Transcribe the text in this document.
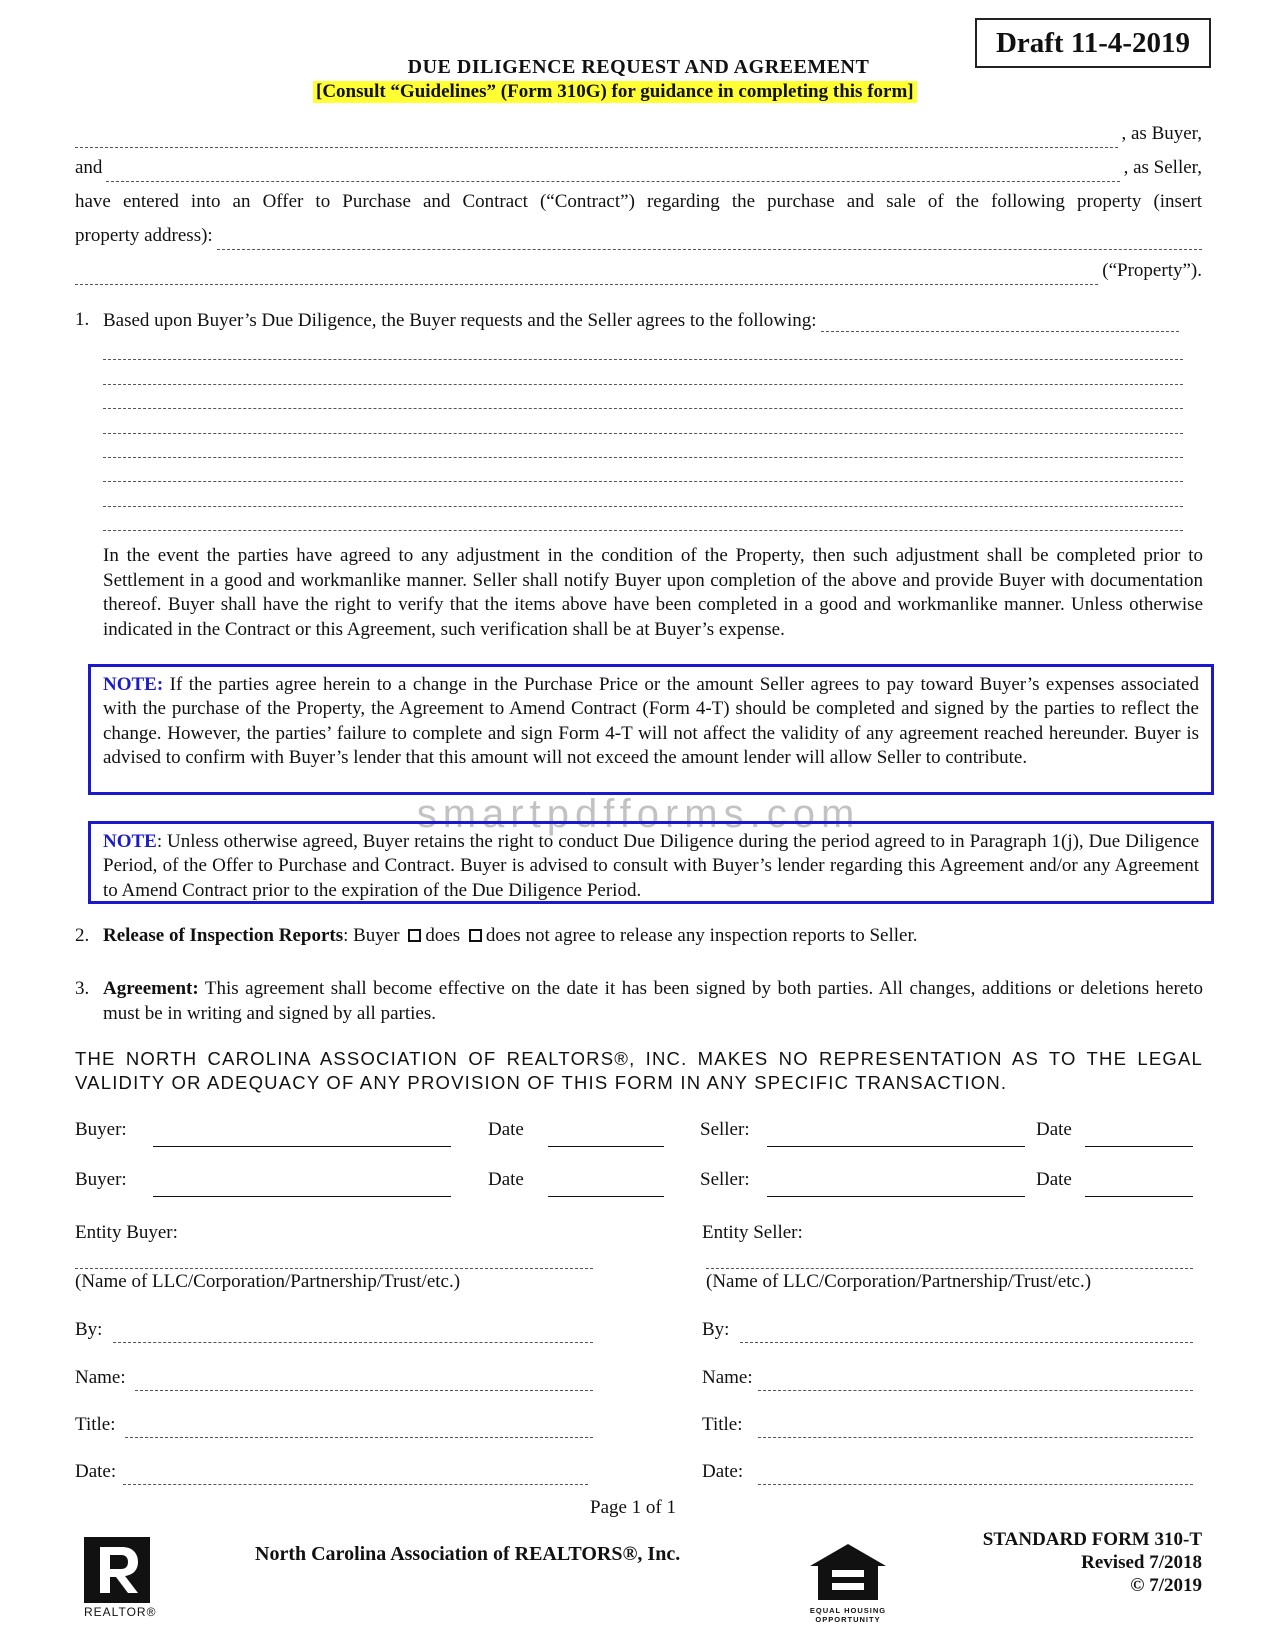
Draft 11-4-2019
DUE DILIGENCE REQUEST AND AGREEMENT
[Consult “Guidelines” (Form 310G) for guidance in completing this form]
, as Buyer,
and	, as Seller,
have entered into an Offer to Purchase and Contract (“Contract”) regarding the purchase and sale of the following property (insert
property address):
(“Property”).
1. Based upon Buyer’s Due Diligence, the Buyer requests and the Seller agrees to the following:
In the event the parties have agreed to any adjustment in the condition of the Property, then such adjustment shall be completed prior to Settlement in a good and workmanlike manner. Seller shall notify Buyer upon completion of the above and provide Buyer with documentation thereof. Buyer shall have the right to verify that the items above have been completed in a good and workmanlike manner. Unless otherwise indicated in the Contract or this Agreement, such verification shall be at Buyer’s expense.
NOTE: If the parties agree herein to a change in the Purchase Price or the amount Seller agrees to pay toward Buyer’s expenses associated with the purchase of the Property, the Agreement to Amend Contract (Form 4-T) should be completed and signed by the parties to reflect the change. However, the parties’ failure to complete and sign Form 4-T will not affect the validity of any agreement reached hereunder. Buyer is advised to confirm with Buyer’s lender that this amount will not exceed the amount lender will allow Seller to contribute.
smartpdfforms.com
NOTE: Unless otherwise agreed, Buyer retains the right to conduct Due Diligence during the period agreed to in Paragraph 1(j), Due Diligence Period, of the Offer to Purchase and Contract. Buyer is advised to consult with Buyer’s lender regarding this Agreement and/or any Agreement to Amend Contract prior to the expiration of the Due Diligence Period.
2. Release of Inspection Reports: Buyer does does not agree to release any inspection reports to Seller.
3. Agreement: This agreement shall become effective on the date it has been signed by both parties. All changes, additions or deletions hereto must be in writing and signed by all parties.
THE NORTH CAROLINA ASSOCIATION OF REALTORS®, INC. MAKES NO REPRESENTATION AS TO THE LEGAL VALIDITY OR ADEQUACY OF ANY PROVISION OF THIS FORM IN ANY SPECIFIC TRANSACTION.
Buyer:	Date	Seller:	Date
Buyer:	Date	Seller:	Date
Entity Buyer:
(Name of LLC/Corporation/Partnership/Trust/etc.)
Entity Seller:
(Name of LLC/Corporation/Partnership/Trust/etc.)
By:	By:
Name:	Name:
Title:	Title:
Date:	Date:
Page 1 of 1
REALTOR®
North Carolina Association of REALTORS®, Inc.
EQUAL HOUSING OPPORTUNITY
STANDARD FORM 310-T
Revised 7/2018
© 7/2019
